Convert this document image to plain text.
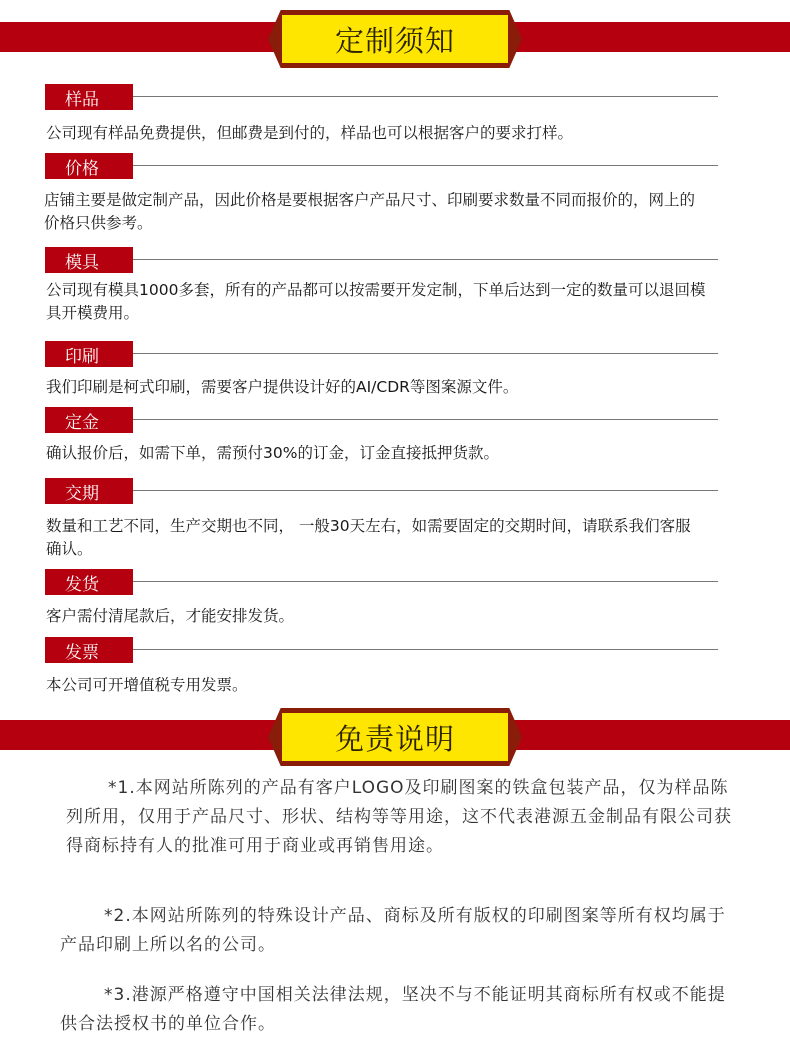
定制须知
样品
公司现有样品免费提供，但邮费是到付的，样品也可以根据客户的要求打样。
价格
店铺主要是做定制产品，因此价格是要根据客户产品尺寸、印刷要求数量不同而报价的，网上的价格只供参考。
模具
公司现有模具1000多套，所有的产品都可以按需要开发定制，下单后达到一定的数量可以退回模具开模费用。
印刷
我们印刷是柯式印刷，需要客户提供设计好的AI/CDR等图案源文件。
定金
确认报价后，如需下单，需预付30%的订金，订金直接抵押货款。
交期
数量和工艺不同，生产交期也不同， 一般30天左右，如需要固定的交期时间，请联系我们客服确认。
发货
客户需付清尾款后，才能安排发货。
发票
本公司可开增值税专用发票。
免责说明
*1.本网站所陈列的产品有客户LOGO及印刷图案的铁盒包装产品，仅为样品陈列所用，仅用于产品尺寸、形状、结构等等用途，这不代表港源五金制品有限公司获得商标持有人的批准可用于商业或再销售用途。
*2.本网站所陈列的特殊设计产品、商标及所有版权的印刷图案等所有权均属于产品印刷上所以名的公司。
*3.港源严格遵守中国相关法律法规，坚决不与不能证明其商标所有权或不能提供合法授权书的单位合作。
